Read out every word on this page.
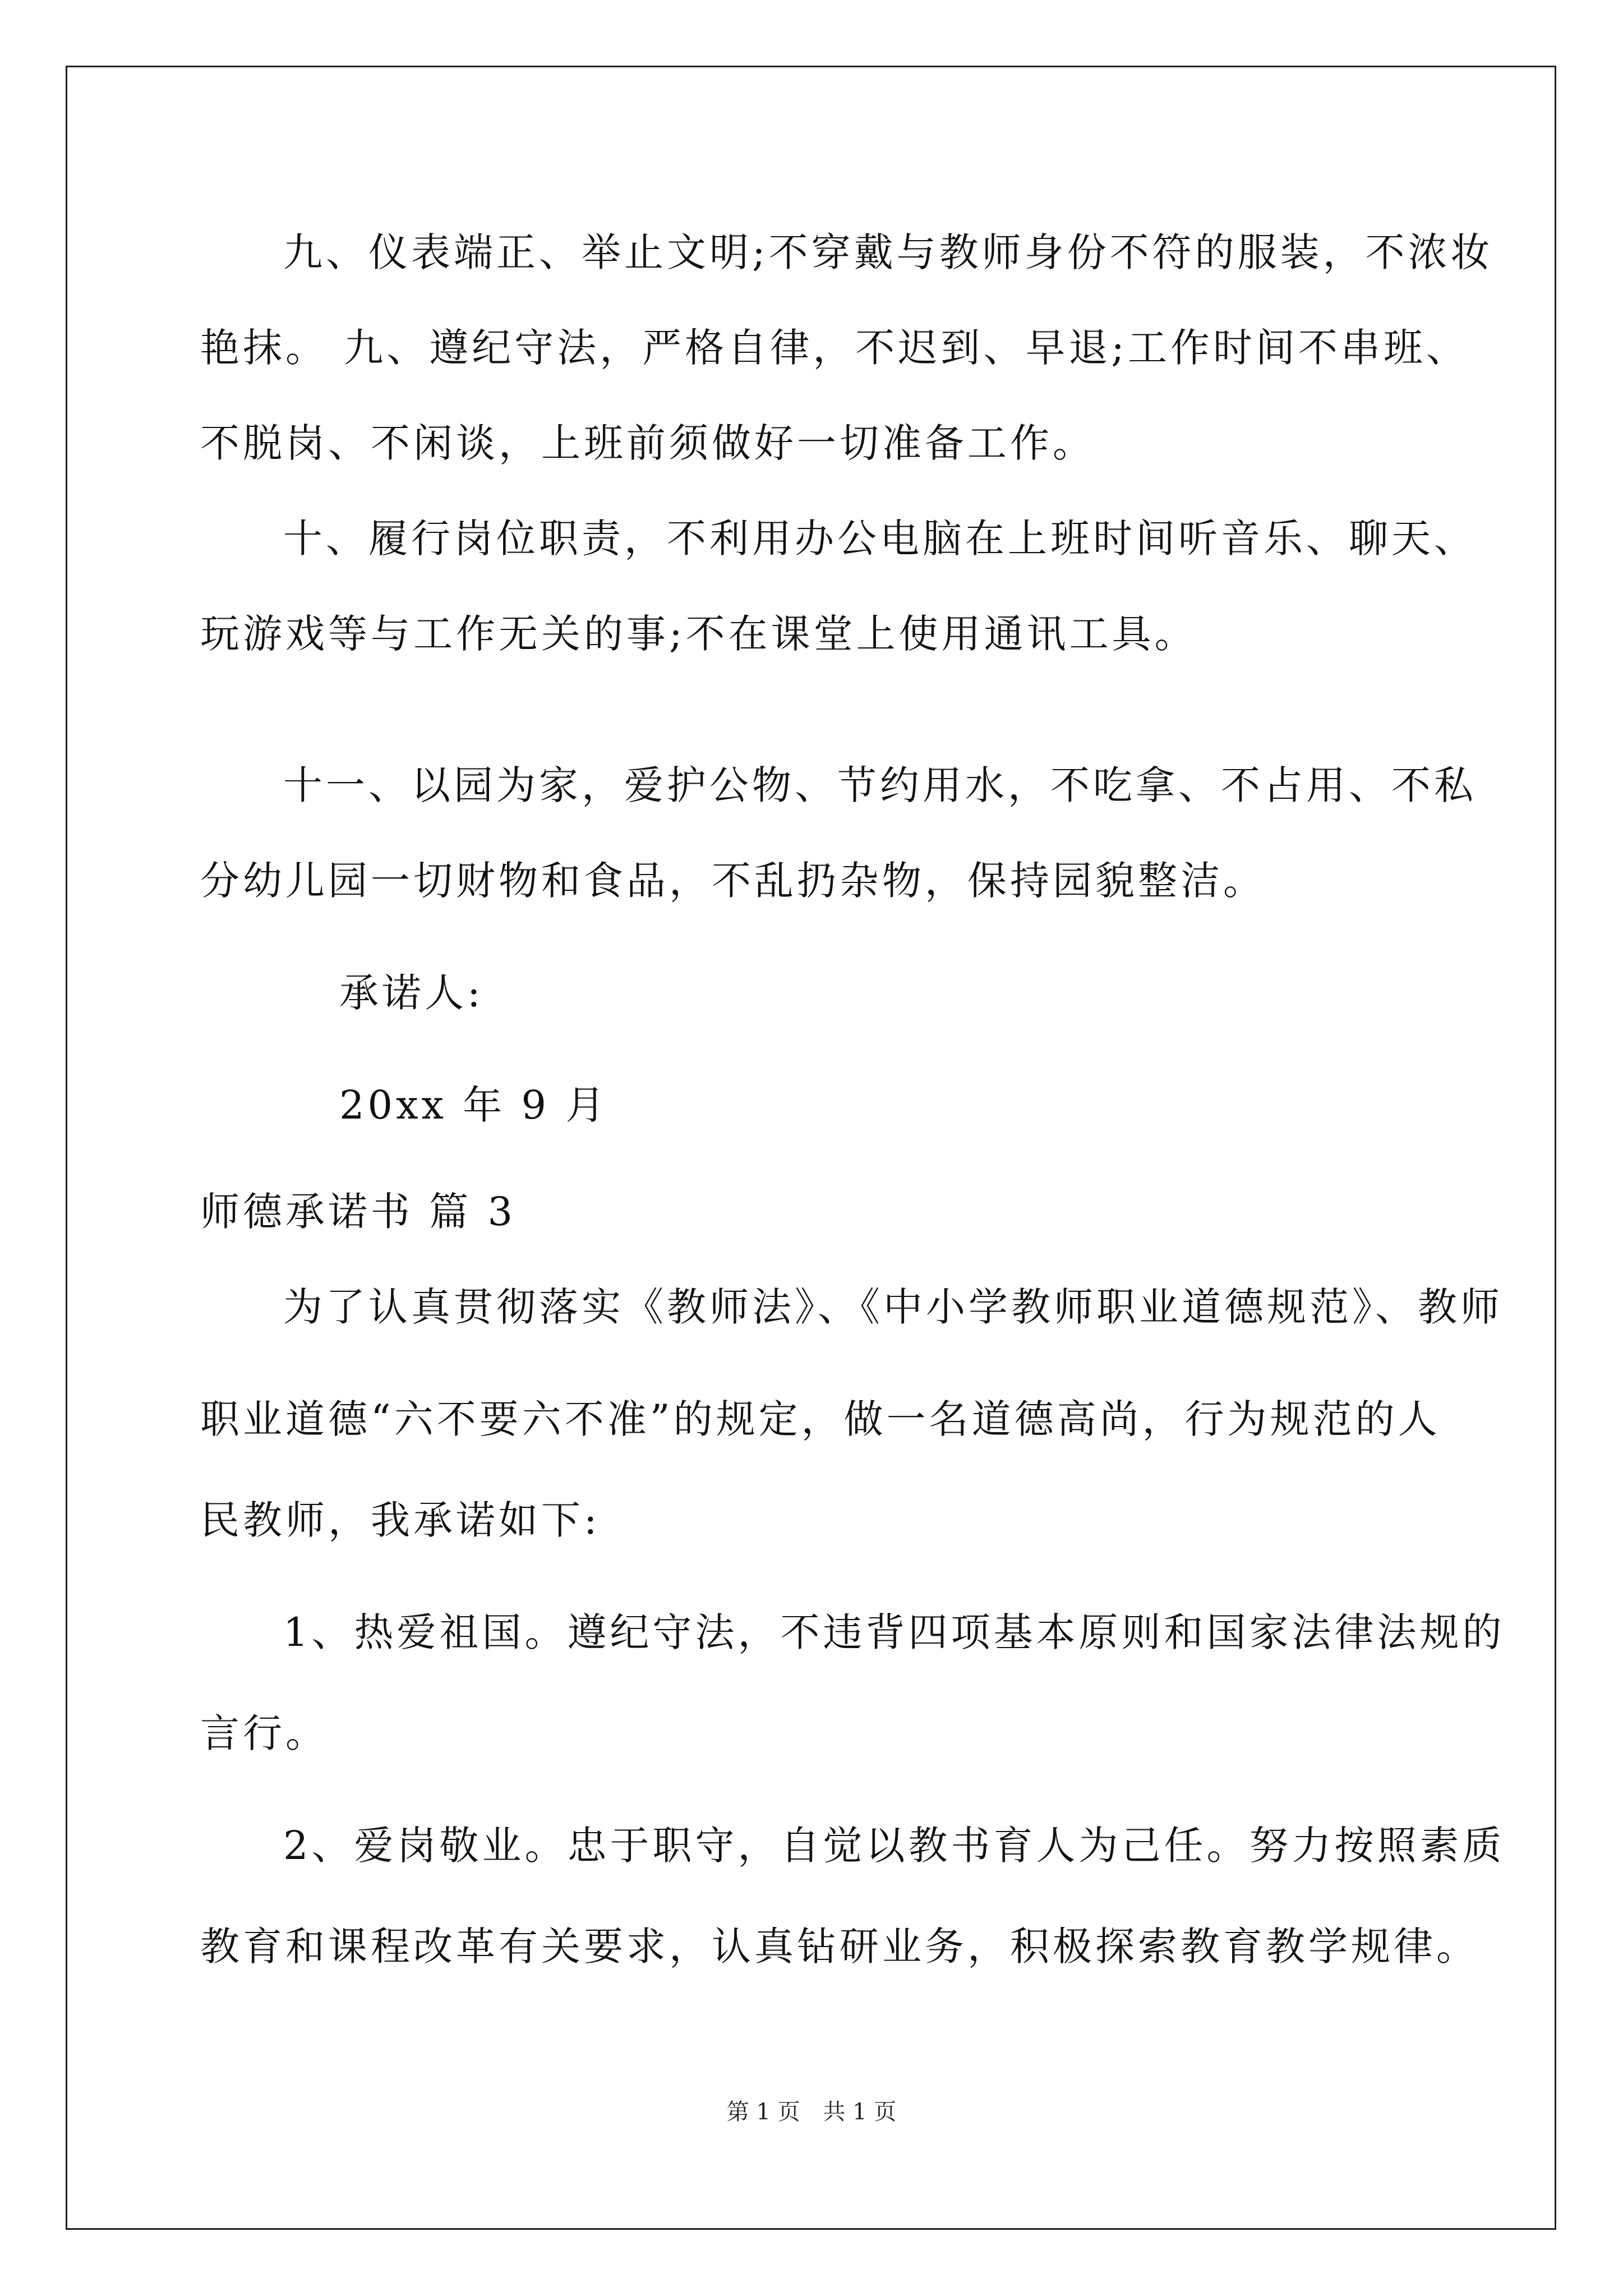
九、仪表端正、举止文明;不穿戴与教师身份不符的服装，不浓妆
艳抹。 九、遵纪守法，严格自律，不迟到、早退;工作时间不串班、
不脱岗、不闲谈，上班前须做好一切准备工作。
十、履行岗位职责，不利用办公电脑在上班时间听音乐、聊天、
玩游戏等与工作无关的事;不在课堂上使用通讯工具。
十一、以园为家，爱护公物、节约用水，不吃拿、不占用、不私
分幼儿园一切财物和食品，不乱扔杂物，保持园貌整洁。
承诺人:
20xx 年 9 月
师德承诺书 篇 3
为了认真贯彻落实《教师法》、《中小学教师职业道德规范》、教师
职业道德“六不要六不准”的规定，做一名道德高尚，行为规范的人
民教师，我承诺如下:
1、热爱祖国。遵纪守法，不违背四项基本原则和国家法律法规的
言行。
2、爱岗敬业。忠于职守，自觉以教书育人为己任。努力按照素质
教育和课程改革有关要求，认真钻研业务，积极探索教育教学规律。
第 1 页 共 1 页
